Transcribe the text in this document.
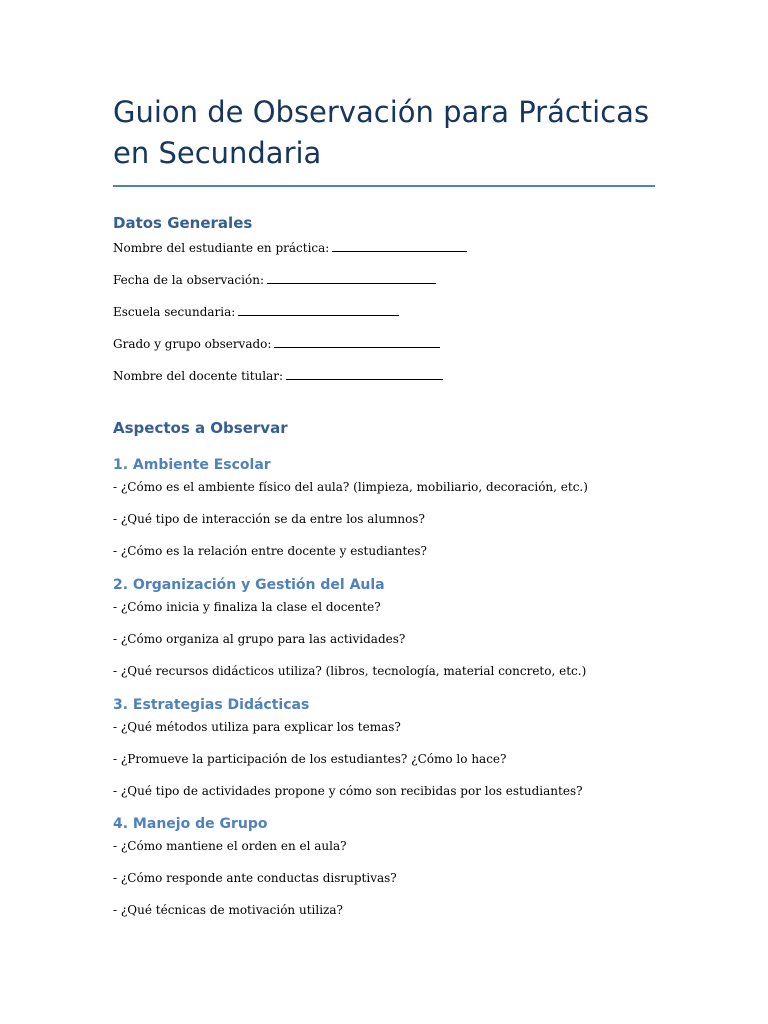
Guion de Observación para Prácticas en Secundaria
Datos Generales
Nombre del estudiante en práctica:
Fecha de la observación:
Escuela secundaria:
Grado y grupo observado:
Nombre del docente titular:
Aspectos a Observar
1. Ambiente Escolar

- ¿Cómo es el ambiente físico del aula? (limpieza, mobiliario, decoración, etc.)

- ¿Qué tipo de interacción se da entre los alumnos?

- ¿Cómo es la relación entre docente y estudiantes?

2. Organización y Gestión del Aula

- ¿Cómo inicia y finaliza la clase el docente?

- ¿Cómo organiza al grupo para las actividades?

- ¿Qué recursos didácticos utiliza? (libros, tecnología, material concreto, etc.)

3. Estrategias Didácticas

- ¿Qué métodos utiliza para explicar los temas?

- ¿Promueve la participación de los estudiantes? ¿Cómo lo hace?

- ¿Qué tipo de actividades propone y cómo son recibidas por los estudiantes?

4. Manejo de Grupo

- ¿Cómo mantiene el orden en el aula?

- ¿Cómo responde ante conductas disruptivas?

- ¿Qué técnicas de motivación utiliza?
